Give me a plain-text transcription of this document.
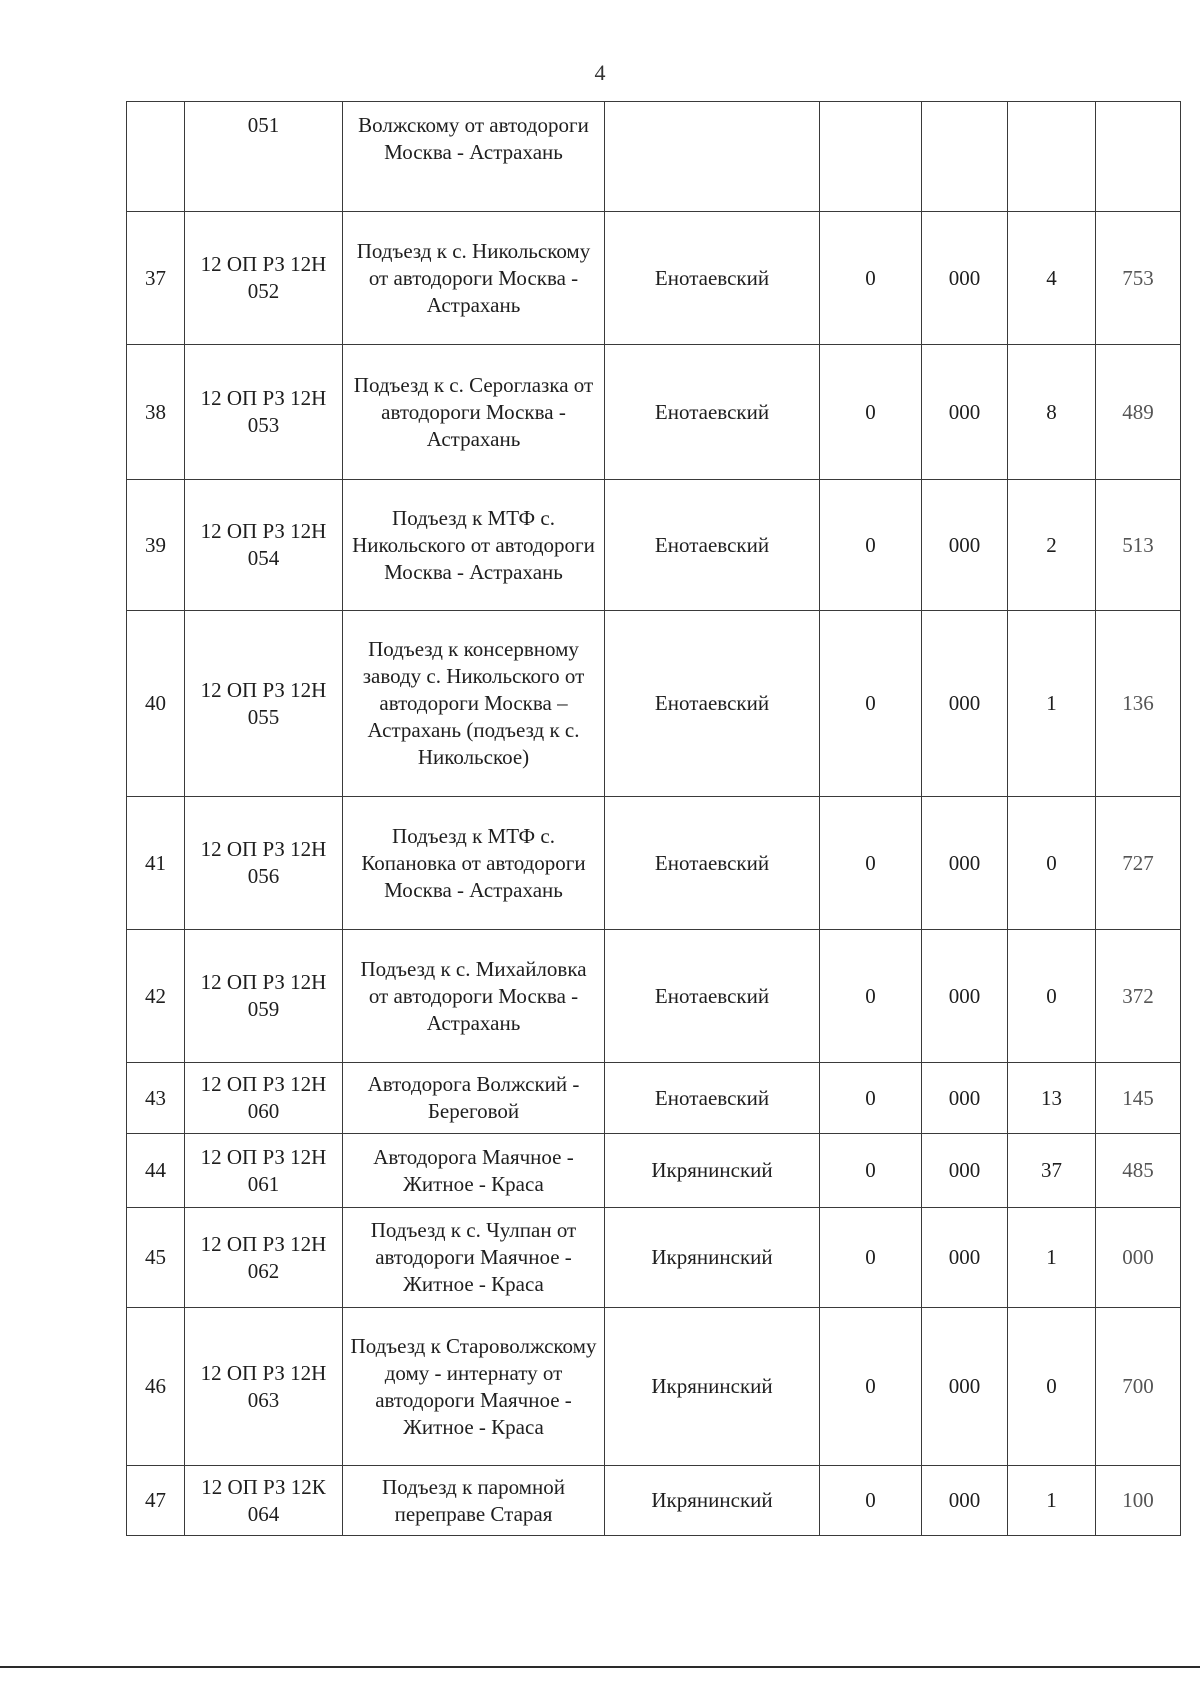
4
	051	Волжскому от автодороги Москва - Астрахань					
37	12 ОП РЗ 12Н 052	Подъезд к с. Никольскому от автодороги Москва - Астрахань	Енотаевский	0	000	4	753
38	12 ОП РЗ 12Н 053	Подъезд к с. Сероглазка от автодороги Москва - Астрахань	Енотаевский	0	000	8	489
39	12 ОП РЗ 12Н 054	Подъезд к МТФ с. Никольского от автодороги Москва - Астрахань	Енотаевский	0	000	2	513
40	12 ОП РЗ 12Н 055	Подъезд к консервному заводу с. Никольского от автодороги Москва – Астрахань (подъезд к с. Никольское)	Енотаевский	0	000	1	136
41	12 ОП РЗ 12Н 056	Подъезд к МТФ с. Копановка от автодороги Москва - Астрахань	Енотаевский	0	000	0	727
42	12 ОП РЗ 12Н 059	Подъезд к с. Михайловка от автодороги Москва - Астрахань	Енотаевский	0	000	0	372
43	12 ОП РЗ 12Н 060	Автодорога Волжский - Береговой	Енотаевский	0	000	13	145
44	12 ОП РЗ 12Н 061	Автодорога Маячное - Житное - Краса	Икрянинский	0	000	37	485
45	12 ОП РЗ 12Н 062	Подъезд к с. Чулпан от автодороги Маячное - Житное - Краса	Икрянинский	0	000	1	000
46	12 ОП РЗ 12Н 063	Подъезд к Староволжскому дому - интернату от автодороги Маячное - Житное - Краса	Икрянинский	0	000	0	700
47	12 ОП РЗ 12К 064	Подъезд к паромной переправе Старая	Икрянинский	0	000	1	100
